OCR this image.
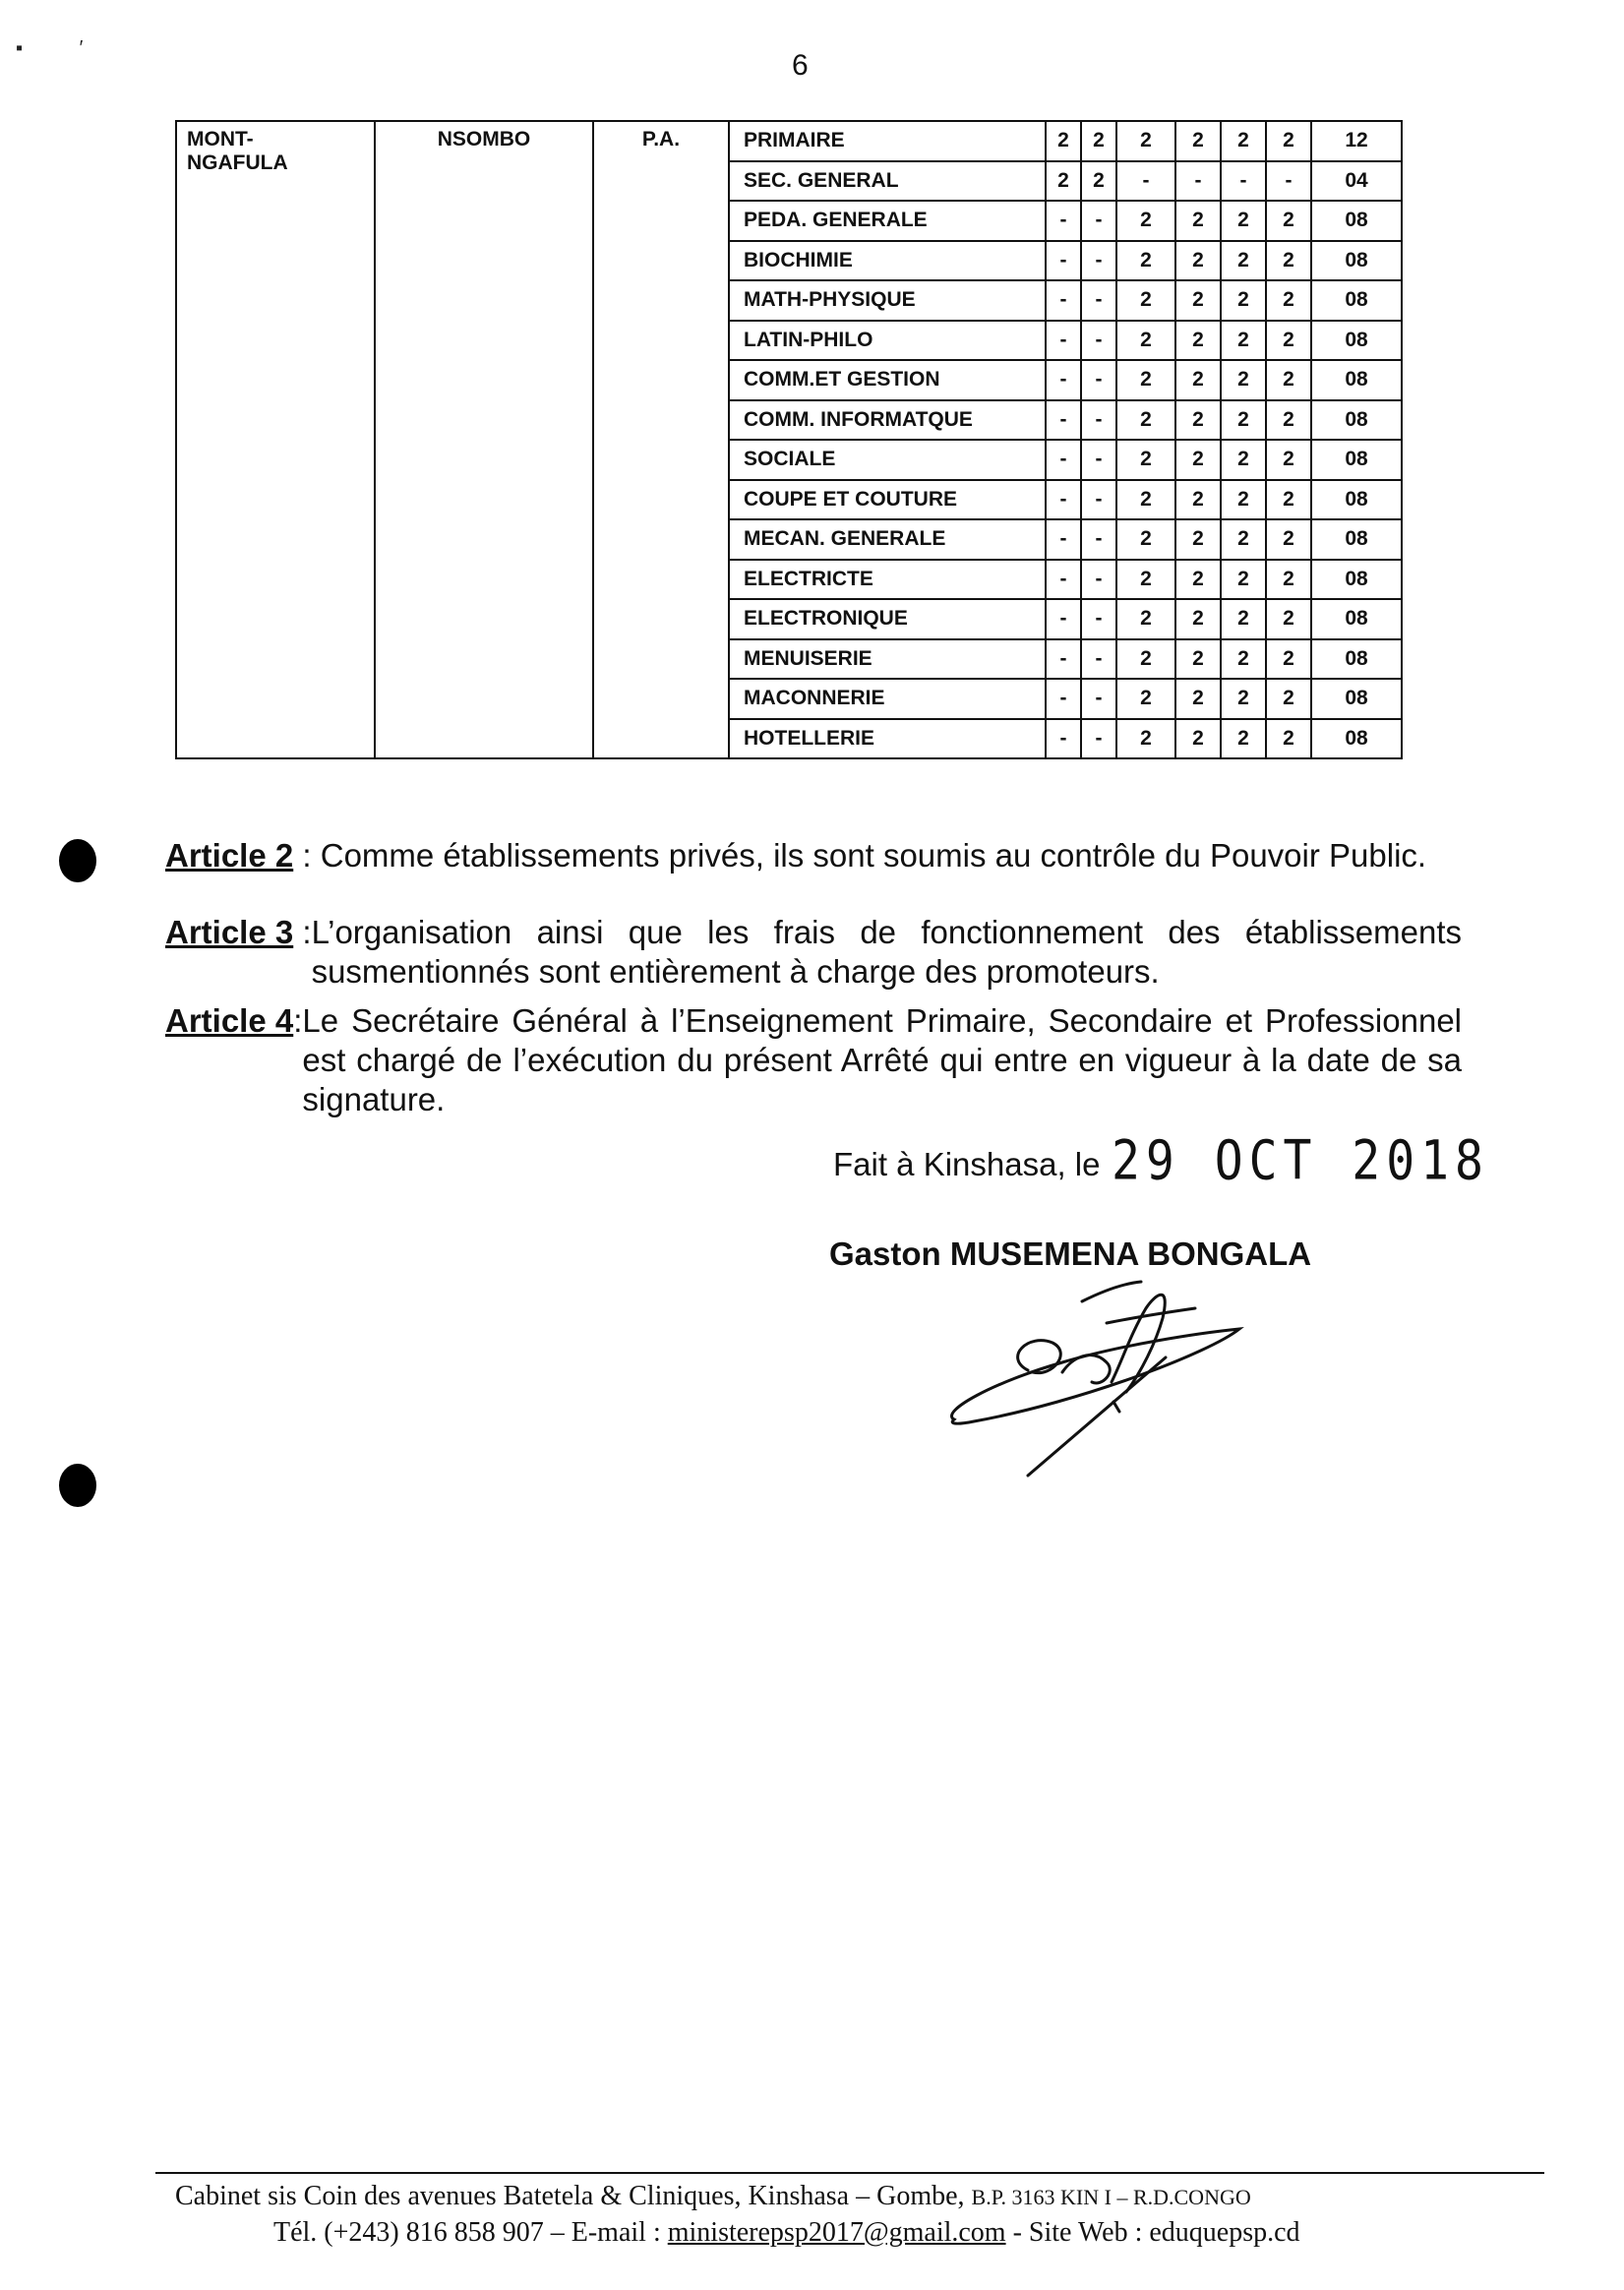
▪ ′
6
MONT-
NGAFULA	NSOMBO	P.A.	PRIMAIRE	2	2	2	2	2	2	12
			SEC. GENERAL	2	2	-	-	-	-	04
			PEDA. GENERALE	-	-	2	2	2	2	08
			BIOCHIMIE	-	-	2	2	2	2	08
			MATH-PHYSIQUE	-	-	2	2	2	2	08
			LATIN-PHILO	-	-	2	2	2	2	08
			COMM.ET GESTION	-	-	2	2	2	2	08
			COMM. INFORMATQUE	-	-	2	2	2	2	08
			SOCIALE	-	-	2	2	2	2	08
			COUPE ET COUTURE	-	-	2	2	2	2	08
			MECAN. GENERALE	-	-	2	2	2	2	08
			ELECTRICTE	-	-	2	2	2	2	08
			ELECTRONIQUE	-	-	2	2	2	2	08
			MENUISERIE	-	-	2	2	2	2	08
			MACONNERIE	-	-	2	2	2	2	08
			HOTELLERIE	-	-	2	2	2	2	08
Article 2 : Comme établissements privés, ils sont soumis au contrôle du Pouvoir Public.
Article 3 : L’organisation ainsi que les frais de fonctionnement des établissements susmentionnés sont entièrement à charge des promoteurs.
Article 4: Le Secrétaire Général à l’Enseignement Primaire, Secondaire et Professionnel est chargé de l’exécution du présent Arrêté qui entre en vigueur à la date de sa signature.
Fait à Kinshasa, le 29 OCT 2018
Gaston MUSEMENA BONGALA
Cabinet sis Coin des avenues Batetela & Cliniques, Kinshasa – Gombe, B.P. 3163 KIN I – R.D.CONGO
Tél. (+243) 816 858 907 – E-mail : ministerepsp2017@gmail.com - Site Web : eduquepsp.cd
